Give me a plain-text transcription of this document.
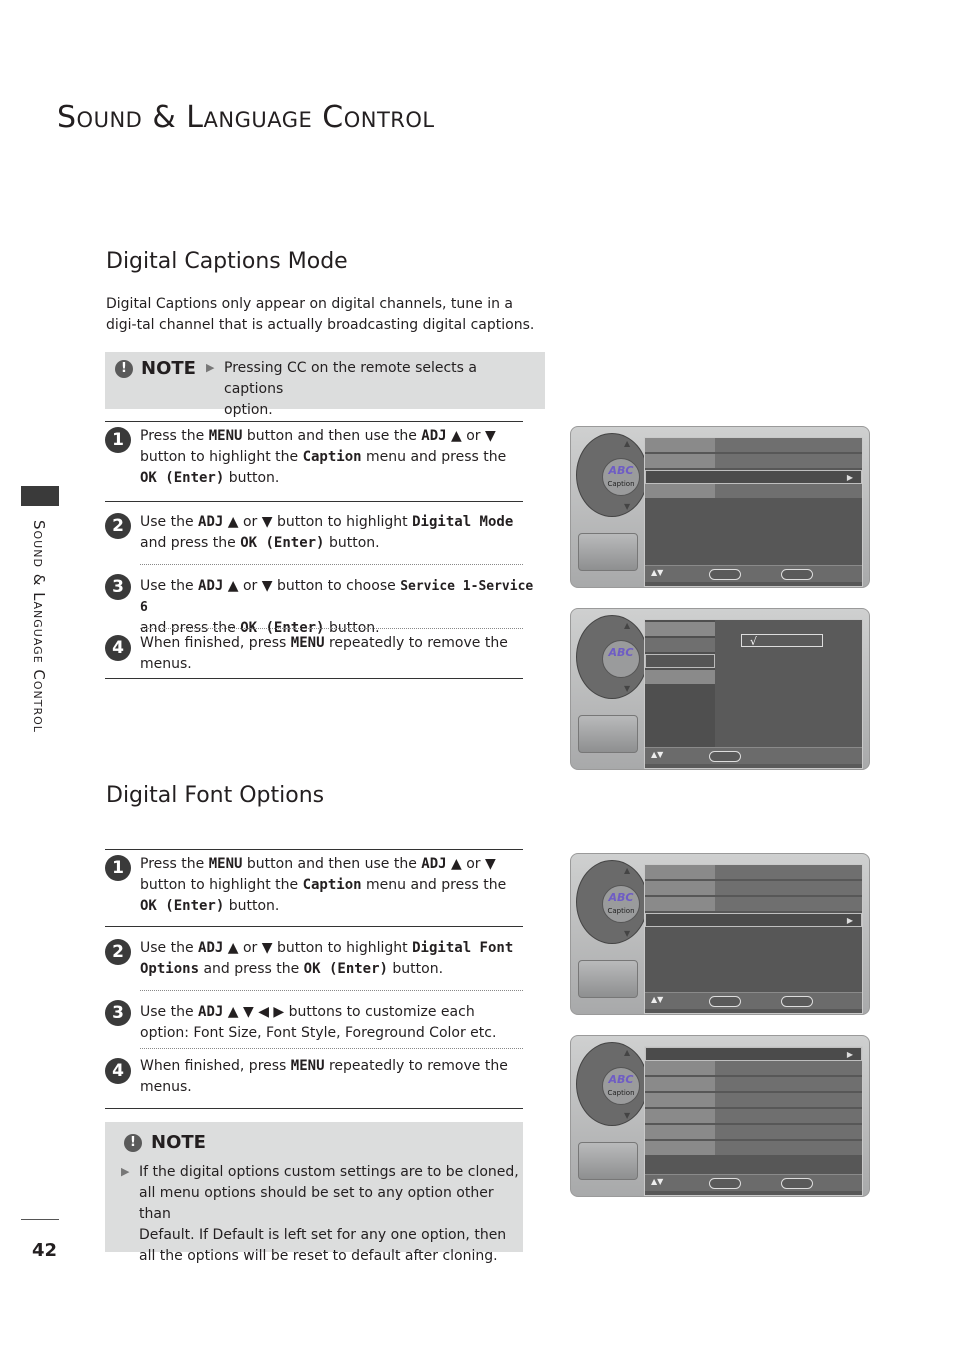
Sound & Language Control
Sound & Language Control
42
Digital Captions Mode
Digital Captions only appear on digital channels, tune in a
digi-tal channel that is actually broadcasting digital captions.
! NOTE ▶ Pressing CC on the remote selects a captions
option.
1	Press the MENU button and then use the ADJ ▲ or ▼
button to highlight the Caption menu and press the
OK (Enter) button.
2	Use the ADJ ▲ or ▼ button to highlight Digital Mode
and press the OK (Enter) button.
3	Use the ADJ ▲ or ▼ button to choose Service 1-Service 6
and press the OK (Enter) button.
4	When finished, press MENU repeatedly to remove the
menus.
ABC
Caption
▲
▼
▶
▲▼
ABC
▲
▼
√
▲▼
Digital Font Options
1	Press the MENU button and then use the ADJ ▲ or ▼
button to highlight the Caption menu and press the
OK (Enter) button.
2	Use the ADJ ▲ or ▼ button to highlight Digital Font
Options and press the OK (Enter) button.
3	Use the ADJ ▲ ▼ ◀ ▶ buttons to customize each
option: Font Size, Font Style, Foreground Color etc.
4	When finished, press MENU repeatedly to remove the
menus.
! NOTE
▶ If the digital options custom settings are to be cloned,
all menu options should be set to any option other than
Default. If Default is left set for any one option, then
all the options will be reset to default after cloning.
ABC
Caption
▲
▼
▶
▲▼
ABC
Caption
▲
▼
▶
▲▼
